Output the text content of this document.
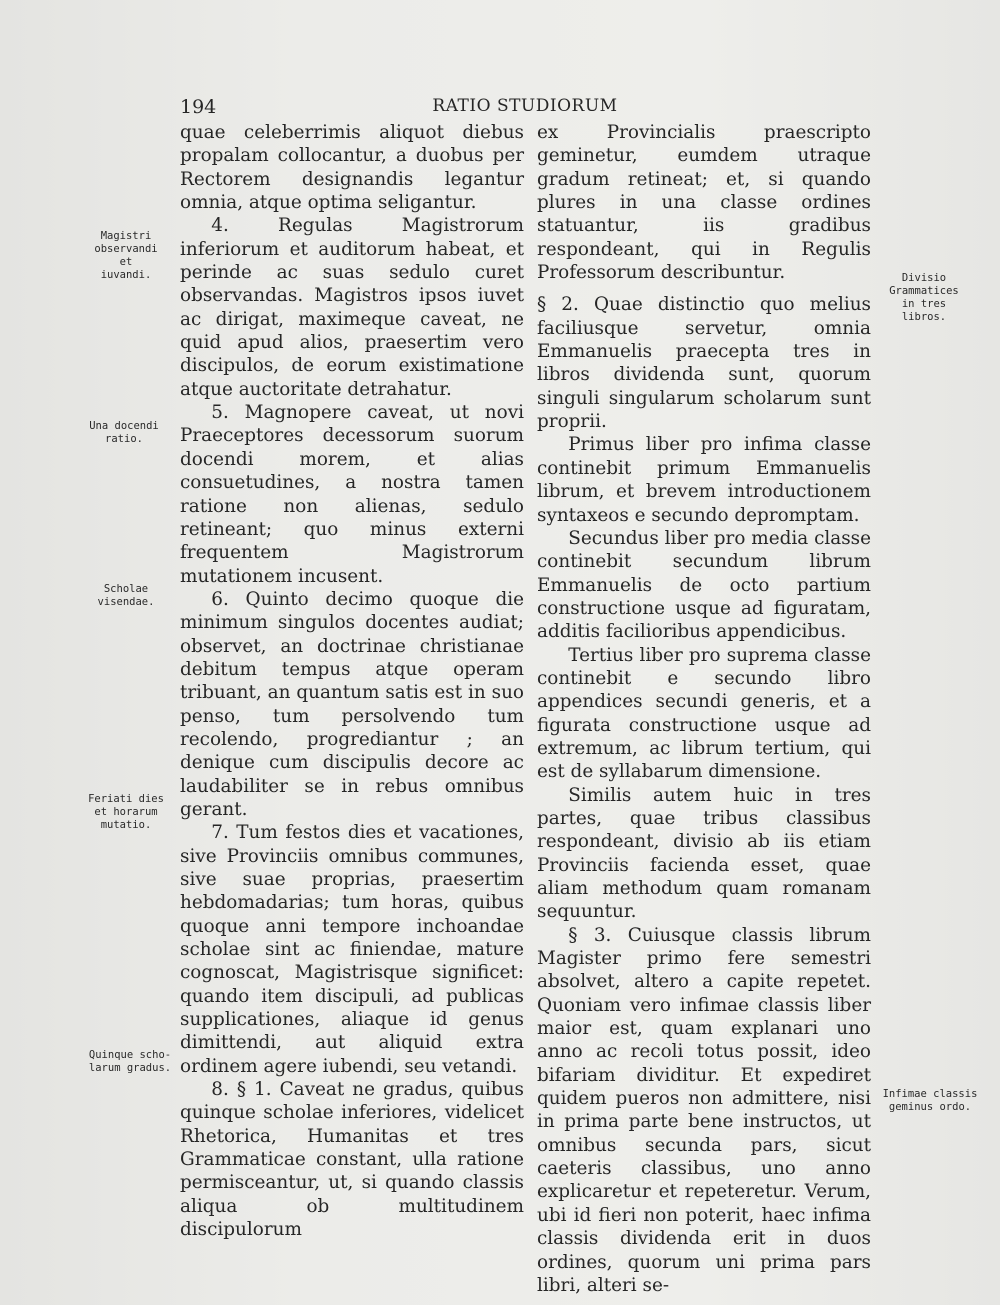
194	RATIO STUDIORUM

quae celeberrimis aliquot diebus propalam collocantur, a duobus per Rectorem designandis legantur omnia, atque optima seligantur.

4. Regulas Magistrorum inferiorum et auditorum habeat, et perinde ac suas sedulo curet observandas. Magistros ipsos iuvet ac dirigat, maximeque caveat, ne quid apud alios, praesertim vero discipulos, de eorum existimatione atque auctoritate detrahatur.

5. Magnopere caveat, ut novi Praeceptores decessorum suorum docendi morem, et alias consuetudines, a nostra tamen ratione non alienas, sedulo retineant; quo minus externi frequentem Magistrorum mutationem incusent.

6. Quinto decimo quoque die minimum singulos docentes audiat; observet, an doctrinae christianae debitum tempus atque operam tribuant, an quantum satis est in suo penso, tum persolvendo tum recolendo, progrediantur ; an denique cum discipulis decore ac laudabiliter se in rebus omnibus gerant.

7. Tum festos dies et vacationes, sive Provinciis omnibus communes, sive suae proprias, praesertim hebdomadarias; tum horas, quibus quoque anni tempore inchoandae scholae sint ac finiendae, mature cognoscat, Magistrisque significet: quando item discipuli, ad publicas supplicationes, aliaque id genus dimittendi, aut aliquid extra ordinem agere iubendi, seu vetandi.

8. § 1. Caveat ne gradus, quibus quinque scholae inferiores, videlicet Rhetorica, Humanitas et tres Grammaticae constant, ulla ratione permisceantur, ut, si quando classis aliqua ob multitudinem discipulorum

ex Provincialis praescripto geminetur, eumdem utraque gradum retineat; et, si quando plures in una classe ordines statuantur, iis gradibus respondeant, qui in Regulis Professorum describuntur.

§ 2. Quae distinctio quo melius faciliusque servetur, omnia Emmanuelis praecepta tres in libros dividenda sunt, quorum singuli singularum scholarum sunt proprii.

Primus liber pro infima classe continebit primum Emmanuelis librum, et brevem introductionem syntaxeos e secundo depromptam.

Secundus liber pro media classe continebit secundum librum Emmanuelis de octo partium constructione usque ad figuratam, additis facilioribus appendicibus.

Tertius liber pro suprema classe continebit e secundo libro appendices secundi generis, et a figurata constructione usque ad extremum, ac librum tertium, qui est de syllabarum dimensione.

Similis autem huic in tres partes, quae tribus classibus respondeant, divisio ab iis etiam Provinciis facienda esset, quae aliam methodum quam romanam sequuntur.

§ 3. Cuiusque classis librum Magister primo fere semestri absolvet, altero a capite repetet. Quoniam vero infimae classis liber maior est, quam explanari uno anno ac recoli totus possit, ideo bifariam dividitur. Et expediret quidem pueros non admittere, nisi in prima parte bene instructos, ut omnibus secunda pars, sicut caeteris classibus, uno anno explicaretur et repeteretur. Verum, ubi id fieri non poterit, haec infima classis dividenda erit in duos ordines, quorum uni prima pars libri, alteri se-

Magistri
observandi et
iuvandi.
Una docendi
ratio.
Scholae
visendae.
Feriati dies
et horarum
mutatio.
Quinque scho-
larum gradus.
Divisio
Grammatices
in tres libros.
Infimae classis
geminus ordo.
